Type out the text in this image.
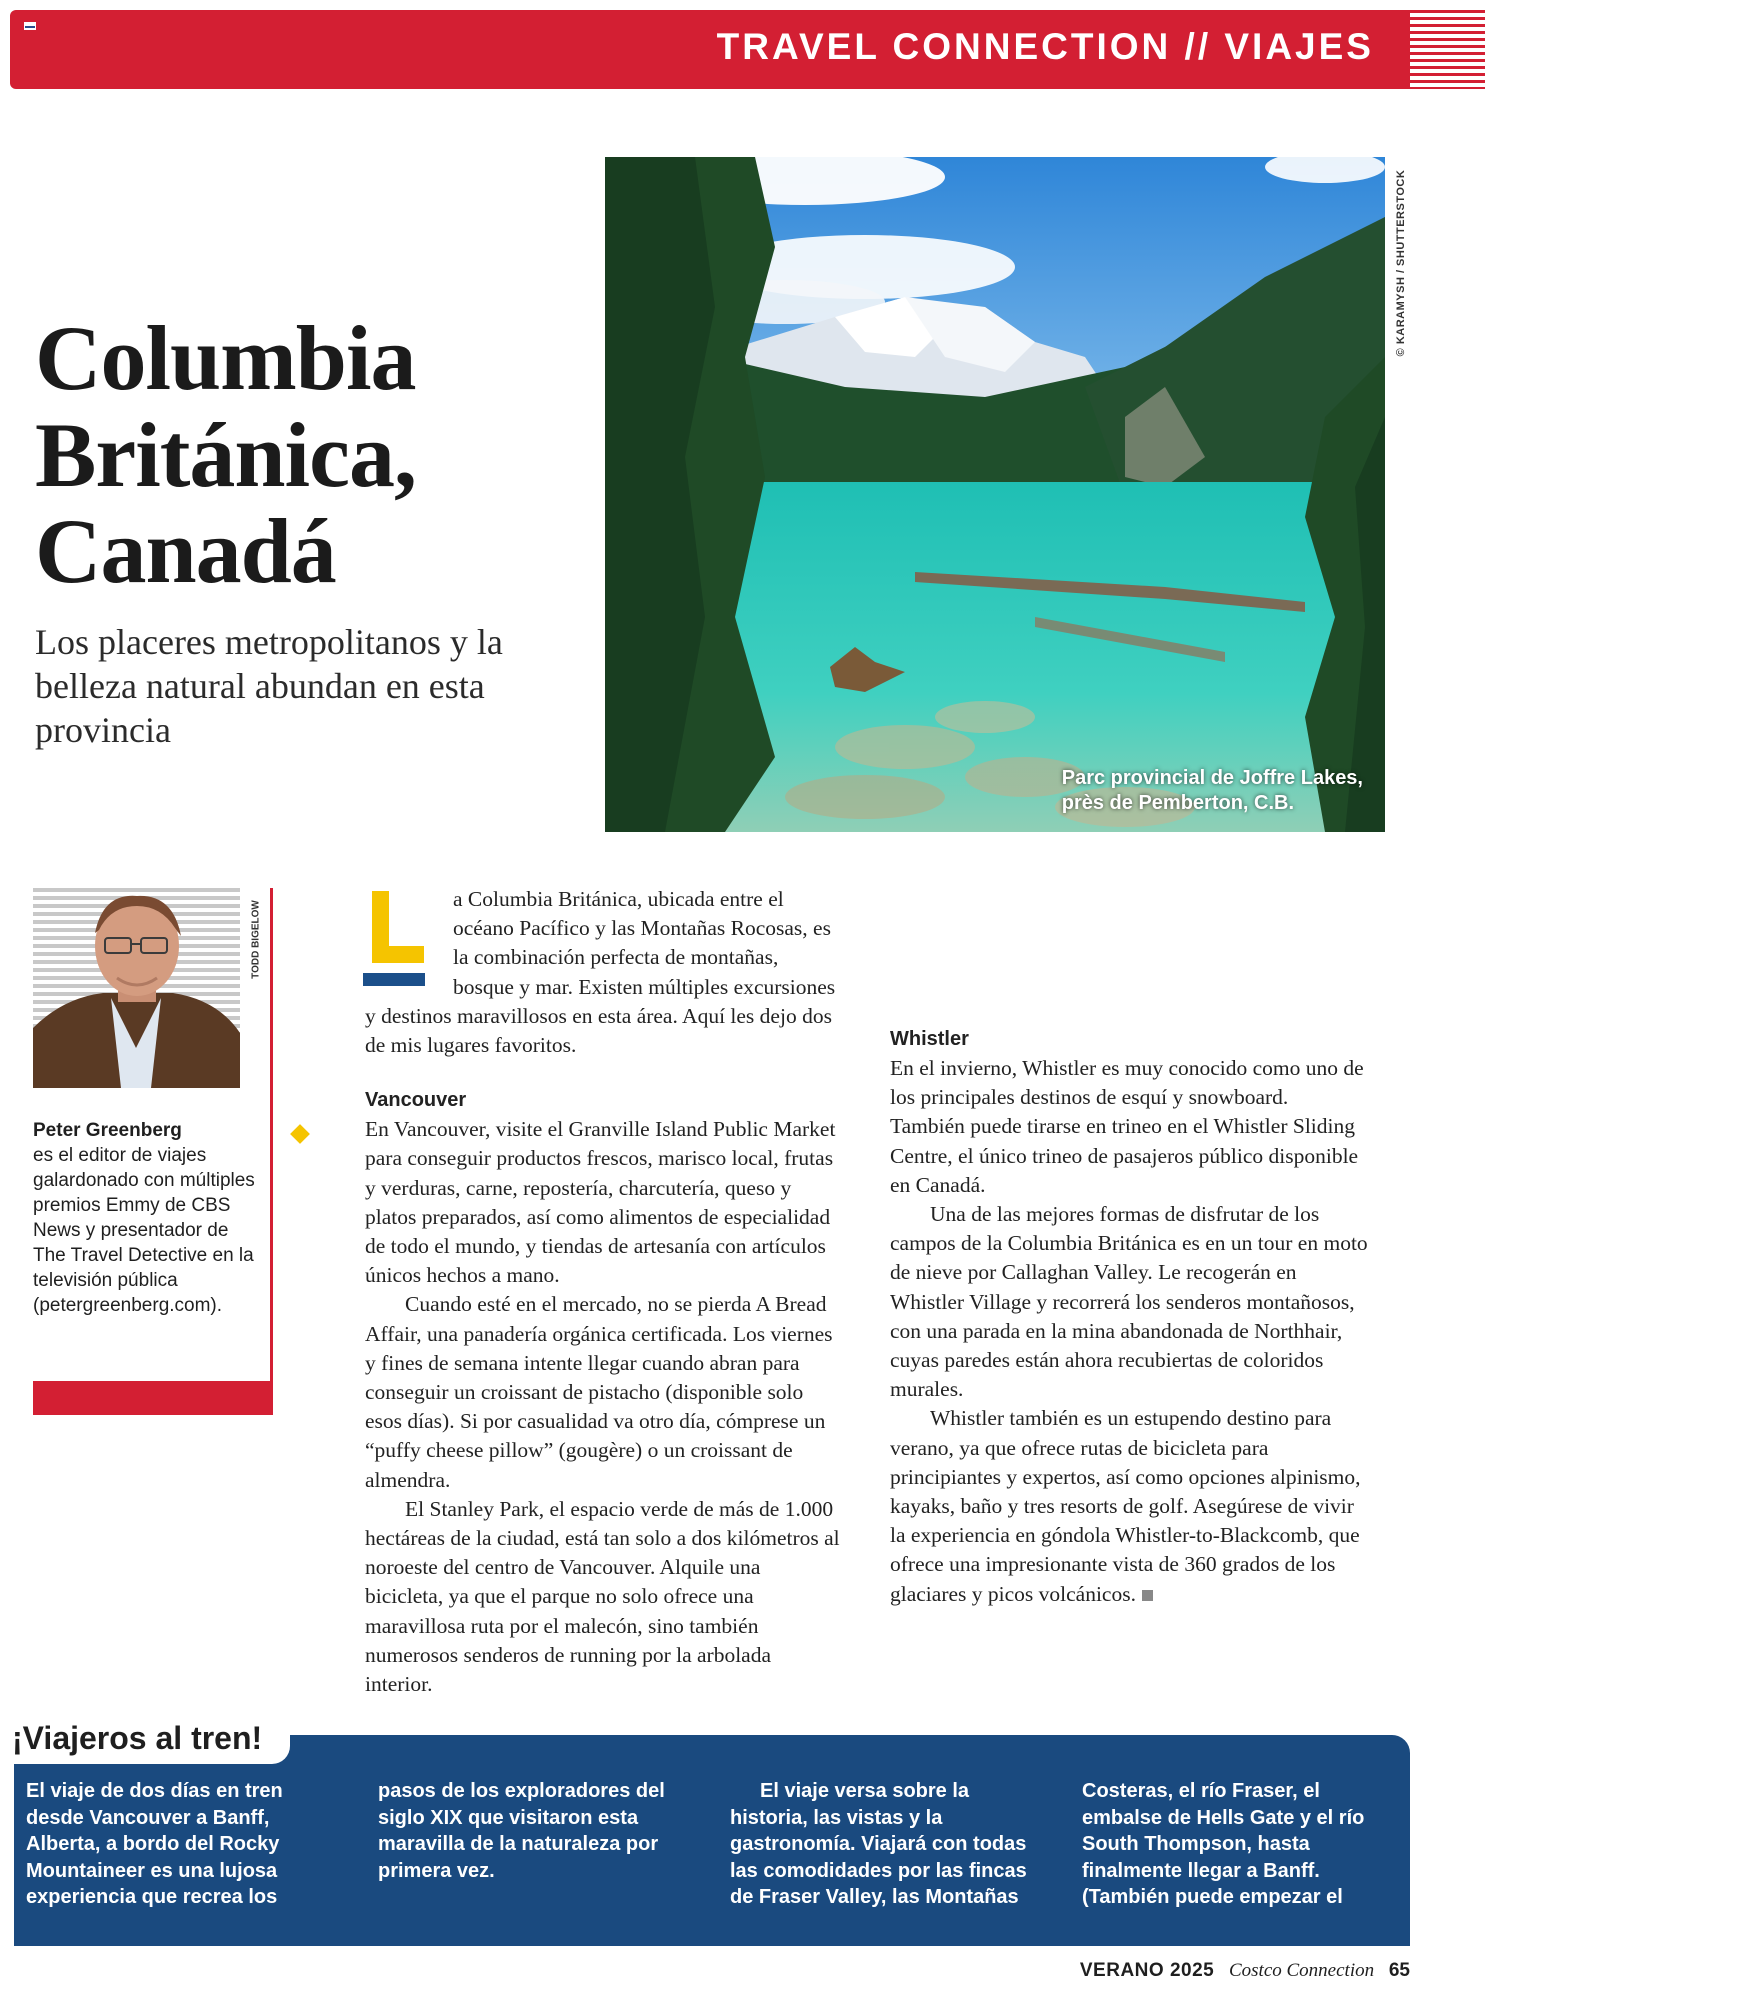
TRAVEL CONNECTION // VIAJES
Columbia
Británica,
Canadá
Los placeres metropolitanos y la belleza natural abundan en esta provincia
Parc provincial de Joffre Lakes,
près de Pemberton, C.B.
© KARAMYSH / SHUTTERSTOCK
TODD BIGELOW
Peter Greenberg
es el editor de viajes galardonado con múltiples premios Emmy de CBS News y presentador de The Travel Detective en la televisión pública (petergreenberg.com).

a Columbia Británica, ubicada entre el océano Pacífico y las Montañas Rocosas, es la combinación perfecta de montañas, bosque y mar. Existen múltiples excursiones y destinos maravillosos en esta área. Aquí les dejo dos de mis lugares favoritos.

Vancouver

En Vancouver, visite el Granville Island Public Market para conseguir productos frescos, marisco local, frutas y verduras, carne, repostería, charcutería, queso y platos preparados, así como alimentos de especialidad de todo el mundo, y tiendas de artesanía con artículos únicos hechos a mano.

Cuando esté en el mercado, no se pierda A Bread Affair, una panadería orgánica certificada. Los viernes y fines de semana intente llegar cuando abran para conseguir un croissant de pistacho (disponible solo esos días). Si por casualidad va otro día, cómprese un “puffy cheese pillow” (gougère) o un croissant de almendra.

El Stanley Park, el espacio verde de más de 1.000 hectáreas de la ciudad, está tan solo a dos kilómetros al noroeste del centro de Vancouver. Alquile una bicicleta, ya que el parque no solo ofrece una maravillosa ruta por el malecón, sino también numerosos senderos de running por la arbolada interior.

Whistler

En el invierno, Whistler es muy conocido como uno de los principales destinos de esquí y snowboard. También puede tirarse en trineo en el Whistler Sliding Centre, el único trineo de pasajeros público disponible en Canadá.

Una de las mejores formas de disfrutar de los campos de la Columbia Británica es en un tour en moto de nieve por Callaghan Valley. Le recogerán en Whistler Village y recorrerá los senderos montañosos, con una parada en la mina abandonada de Northhair, cuyas paredes están ahora recubiertas de coloridos murales.

Whistler también es un estupendo destino para verano, ya que ofrece rutas de bicicleta para principiantes y expertos, así como opciones alpinismo, kayaks, baño y tres resorts de golf. Asegúrese de vivir la experiencia en góndola Whistler-to-Blackcomb, que ofrece una impresionante vista de 360 grados de los glaciares y picos volcánicos.

¡Viajeros al tren!

El viaje de dos días en tren desde Vancouver a Banff, Alberta, a bordo del Rocky Mountaineer es una lujosa experiencia que recrea los pasos de los exploradores del siglo XIX que visitaron esta maravilla de la naturaleza por primera vez.

El viaje versa sobre la historia, las vistas y la gastronomía. Viajará con todas las comodidades por las fincas de Fraser Valley, las Montañas Costeras, el río Fraser, el embalse de Hells Gate y el río South Thompson, hasta finalmente llegar a Banff. (También puede empezar el viaje en Banff y finalizarlo en Vancouver).—PG

VERANO 2025 Costco Connection 65
